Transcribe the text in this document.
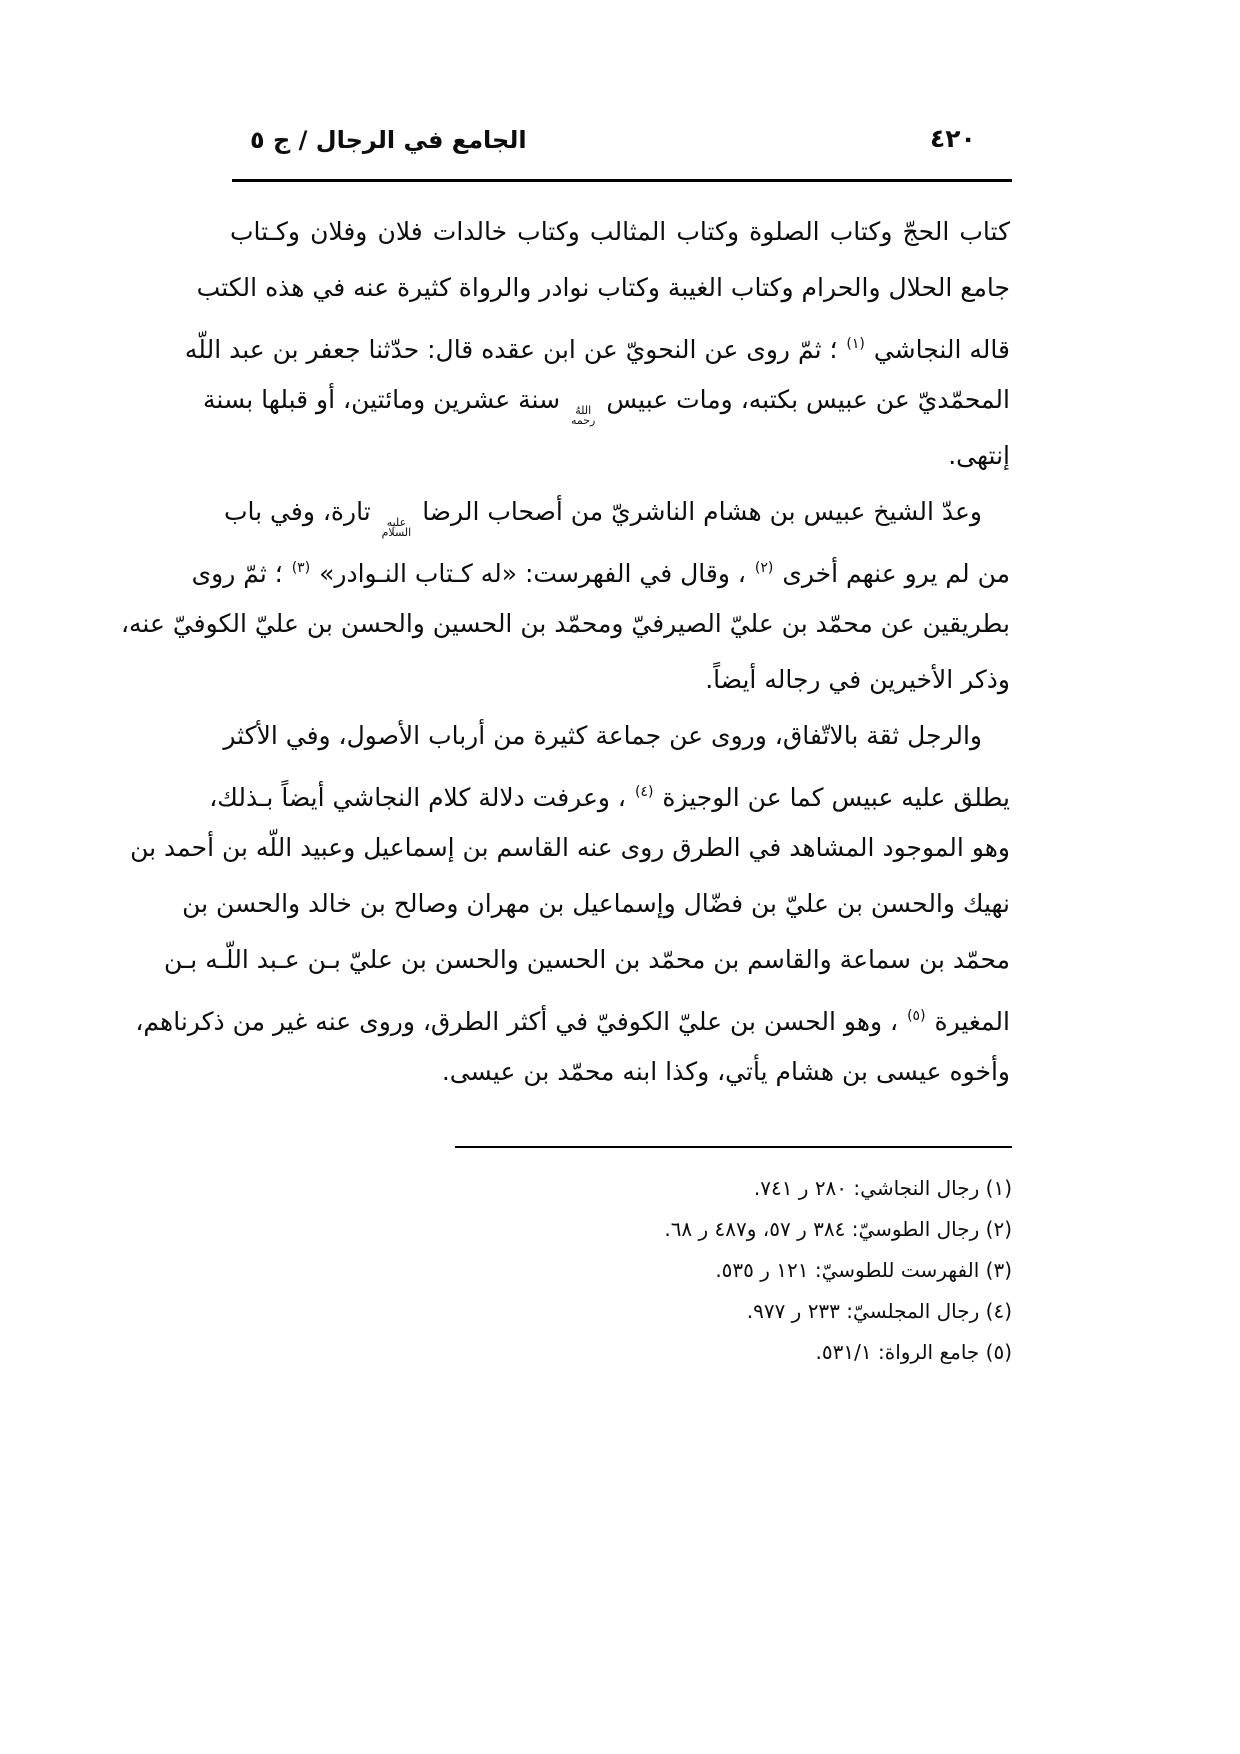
الجامع في الرجال / ج ٥	٤٢٠
كتاب الحجّ وكتاب الصلوة وكتاب المثالب وكتاب خالدات فلان وفلان وكـتاب
جامع الحلال والحرام وكتاب الغيبة وكتاب نوادر والرواة كثيرة عنه في هذه الكتب
قاله النجاشي $^{(١)}$ ؛ ثمّ روى عن النحويّ عن ابن عقده قال: حدّثنا جعفر بن عبد اللّه
المحمّديّ عن عبيس بكتبه، ومات عبيس
اللهُ
رحمه
سنة عشرين ومائتين، أو قبلها بسنة
إنتهى.
وعدّ الشيخ عبيس بن هشام الناشريّ من أصحاب الرضا
عليه
السلام
تارة، وفي باب
من لم يرو عنهم أخرى $^{(٢)}$ ، وقال في الفهرست: «له كـتاب النـوادر» $^{(٣)}$ ؛ ثمّ روى
بطريقين عن محمّد بن عليّ الصيرفيّ ومحمّد بن الحسين والحسن بن عليّ الكوفيّ عنه،
وذكر الأخيرين في رجاله أيضاً.
والرجل ثقة بالاتّفاق، وروى عن جماعة كثيرة من أرباب الأصول، وفي الأكثر
يطلق عليه عبيس كما عن الوجيزة $^{(٤)}$ ، وعرفت دلالة كلام النجاشي أيضاً بـذلك،
وهو الموجود المشاهد في الطرق روى عنه القاسم بن إسماعيل وعبيد اللّه بن أحمد بن
نهيك والحسن بن عليّ بن فضّال وإسماعيل بن مهران وصالح بن خالد والحسن بن
محمّد بن سماعة والقاسم بن محمّد بن الحسين والحسن بن عليّ بـن عـبد اللّـه بـن
المغيرة $^{(٥)}$ ، وهو الحسن بن عليّ الكوفيّ في أكثر الطرق، وروى عنه غير من ذكرناهم،
وأخوه عيسى بن هشام يأتي، وكذا ابنه محمّد بن عيسى.
(١) رجال النجاشي: ٢٨٠ ر ٧٤١.
(٢) رجال الطوسيّ: ٣٨٤ ر ٥٧، و٤٨٧ ر ٦٨.
(٣) الفهرست للطوسيّ: ١٢١ ر ٥٣٥.
(٤) رجال المجلسيّ: ٢٣٣ ر ٩٧٧.
(٥) جامع الرواة: ٥٣١/١.
